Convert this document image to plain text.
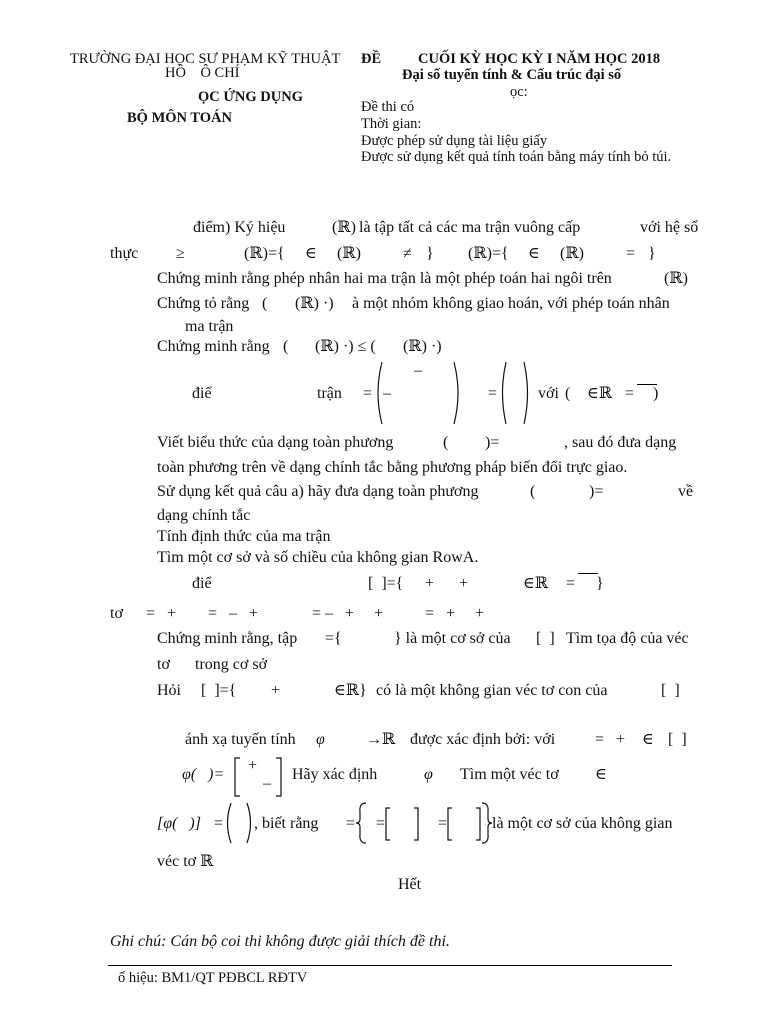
TRƯỜNG ĐẠI HỌC SƯ PHẠM KỸ THUẬT
HỒ    Ô CHÍ
ỌC ỨNG DỤNG
BỘ MÔN TOÁN
ĐỀ	CUỐI KỲ HỌC KỲ I NĂM HỌC 2018
Đại số tuyến tính & Cấu trúc đại số
ọc:
Đề thi có
Thời gian:
Được phép sử dụng tài liệu giấy
Được sử dụng kết quả tính toán bằng máy tính bỏ túi.
điểm) Ký hiệu	(ℝ) là tập tất cả các ma trận vuông cấp	với hệ số
thực ≥	(ℝ)={ ∈ (ℝ)	≠ } (ℝ)={ ∈ (ℝ)	= }
Chứng minh rằng phép nhân hai ma trận là một phép toán hai ngôi trên	(ℝ)
Chứng tỏ rằng ( (ℝ) ·) à một nhóm không giao hoán, với phép toán nhân
ma trận
Chứng minh rằng ( (ℝ) ·) ≤ ( (ℝ) ·)
điể	trận =
–
–	=	với ( ∈ℝ = )
Viết biểu thức của dạng toàn phương	( )=	, sau đó đưa dạng
toàn phương trên về dạng chính tắc bằng phương pháp biến đổi trực giao.
Sử dụng kết quả câu a) hãy đưa dạng toàn phương	(	)=	về
dạng chính tắc
Tính định thức của ma trận
Tìm một cơ sở và số chiều của không gian RowA.
điể	[  ]={ + +	∈ℝ = }
tơ =   + =   –   +	= –   +     +	=   +     +
Chứng minh rằng, tập ={	} là một cơ sở của [  ] Tìm tọa độ của véc
tơ trong cơ sở
Hỏi [  ]={ +	∈ℝ} có là một không gian véc tơ con của	[  ]
ánh xạ tuyến tính φ	→ℝ được xác định bởi: với =   + ∈ [  ]
φ(   )=
+
–
Hãy xác định	φ Tìm một véc tơ ∈
[φ(   )] = , biết rằng = =	=	là một cơ sở của không gian
véc tơ ℝ
Hết
Ghi chú: Cán bộ coi thi không được giải thích đề thi.
ố hiệu: BM1/QT PĐBCL RĐTV
